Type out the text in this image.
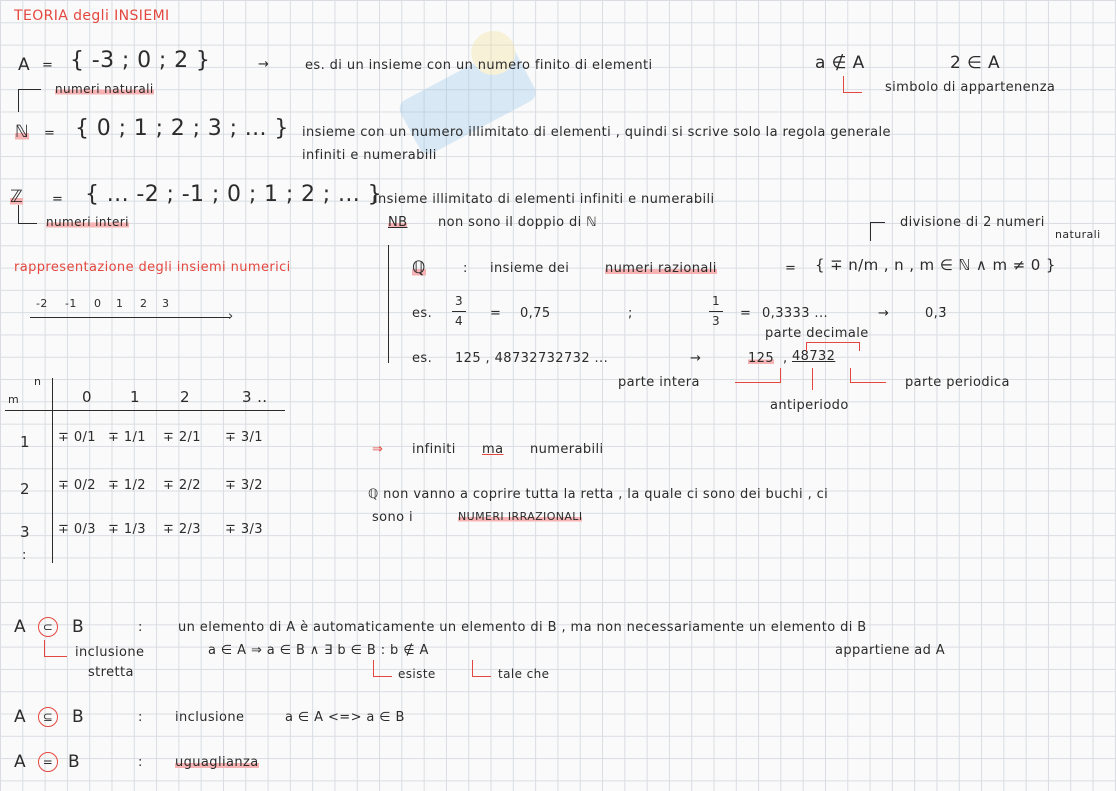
TEORIA degli INSIEMI
A = { -3 ; 0 ; 2 }	→	es. di un insieme con un numero finito di elementi	a ∉ A	2 ∈ A
simbolo di appartenenza
numeri naturali
ℕ = { 0 ; 1 ; 2 ; 3 ; ... } insieme con un numero illimitato di elementi , quindi si scrive solo la regola generale
infiniti e numerabili
ℤ = { ... -2 ; -1 ; 0 ; 1 ; 2 ; ... }
numeri interi
insieme illimitato di elementi infiniti e numerabili
NB non sono il doppio di ℕ
rappresentazione degli insiemi numerici
›
-2 -1 0 1 2 3
divisione di 2 numeri
naturali
ℚ	: insieme dei	numeri razionali	= { ∓ n/m , n , m ∈ ℕ ∧ m ≠ 0 }
es.
3
4 = 0,75	;
1
3 = 0,3333 ...	→	0,3̄
parte decimale
es. 125 , 48732732732 ...	→	125 , 48732
parte intera	parte periodica
antiperiodo
m
n
0	1	2	3 ..
1 ∓ 0/1 ∓ 1/1 ∓ 2/1 ∓ 3/1
2 ∓ 0/2 ∓ 1/2 ∓ 2/2 ∓ 3/2
3 ∓ 0/3 ∓ 1/3 ∓ 2/3 ∓ 3/3
:
⇒ infiniti ma numerabili
ℚ non vanno a coprire tutta la retta , la quale ci sono dei buchi , ci
sono i	NUMERI IRRAZIONALI
A	⊂ B	:	un elemento di A è automaticamente un elemento di B , ma non necessariamente un elemento di B
appartiene ad A
inclusione
stretta
a ∈ A ⇒ a ∈ B ∧ ∃ b ∈ B : b ∉ A
esiste	tale che
A	⊆ B	: inclusione	a ∈ A <=> a ∈ B
A	= B	: uguaglianza
